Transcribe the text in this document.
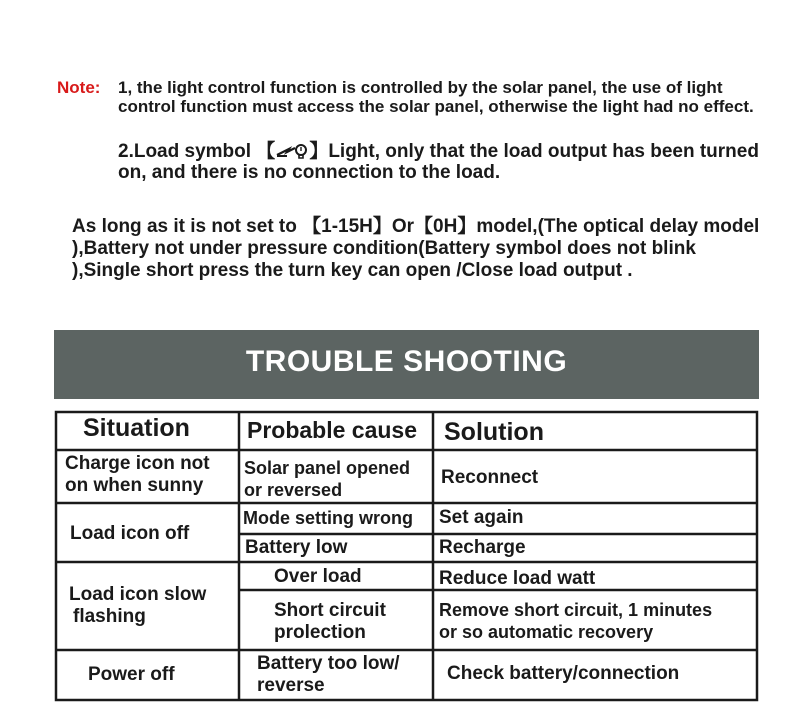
Note: 1, the light control function is controlled by the solar panel, the use of light control function must access the solar panel, otherwise the light had no effect.
2.Load symbol 【 】Light, only that the load output has been turned on, and there is no connection to the load.
As long as it is not set to 【1-15H】Or【0H】model,(The optical delay model ),Battery not under pressure condition(Battery symbol does not blink ),Single short press the turn key can open /Close load output .
TROUBLE SHOOTING
Situation Probable cause Solution
Charge icon not
on when sunny
Solar panel opened
or reversed
Reconnect
Load icon off
Mode setting wrong Set again
Battery low	Recharge
Load icon slow
flashing
Over load	Reduce load watt
Short circuit
prolection
Remove short circuit, 1 minutes
or so automatic recovery
Power off
Battery too low/
reverse
Check battery/connection
